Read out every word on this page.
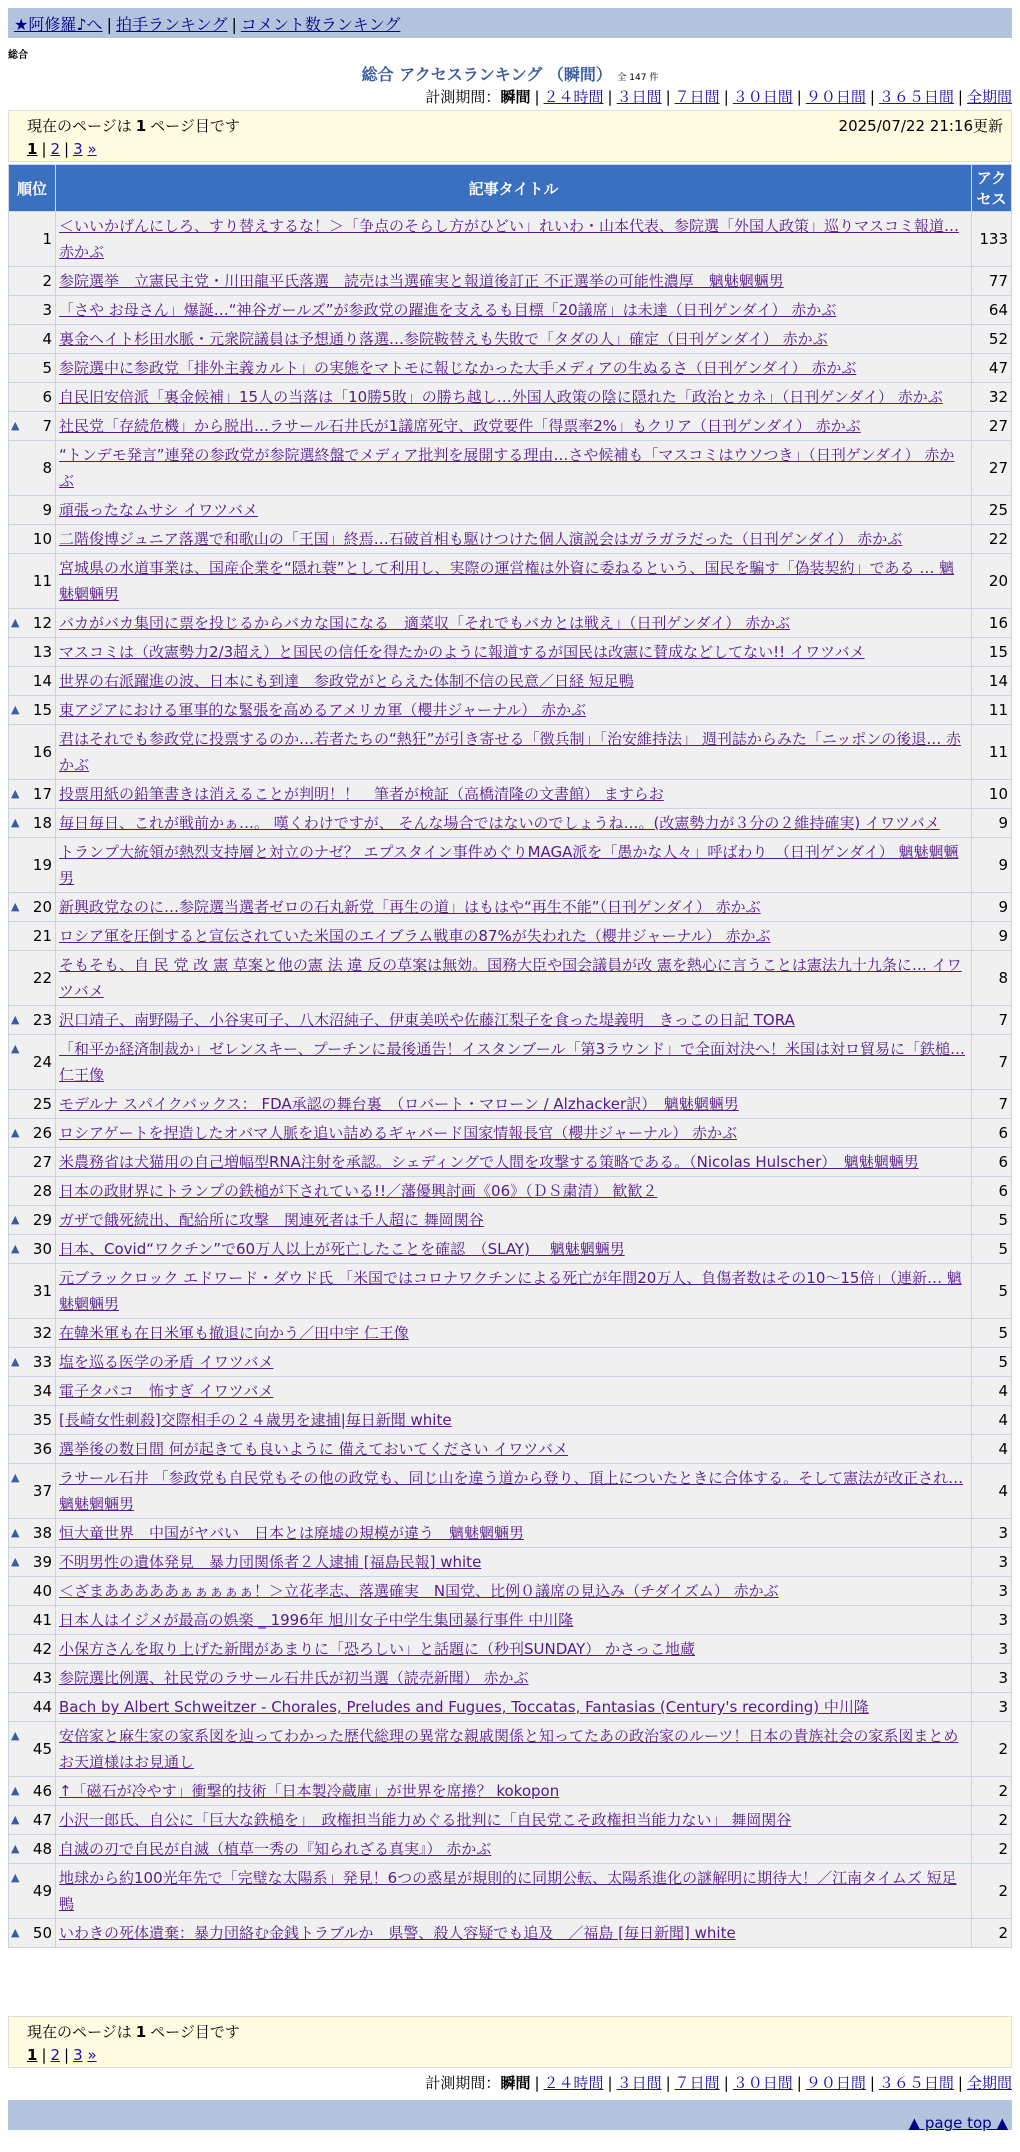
★阿修羅♪へ | 拍手ランキング | コメント数ランキング
総合
総合 アクセスランキング （瞬間） 全 147 件
計測期間：瞬間 | ２４時間 | ３日間 | ７日間 | ３０日間 | ９０日間 | ３６５日間 | 全期間
現在のページは 1 ページ目です	2025/07/22 21:16更新
1 | 2 | 3 »
順位	記事タイトル	アクセス
1	＜いいかげんにしろ、すり替えするな！＞「争点のそらし方がひどい」れいわ・山本代表、参院選「外国人政策」巡りマスコミ報道… 赤かぶ	133
2	参院選挙　立憲民主党・川田龍平氏落選　読売は当選確実と報道後訂正 不正選挙の可能性濃厚　魑魅魍魎男	77
3	「さや お母さん」爆誕…“神谷ガールズ”が参政党の躍進を支えるも目標「20議席」は未達（日刊ゲンダイ） 赤かぶ	64
4	裏金ヘイト杉田水脈・元衆院議員は予想通り落選…参院鞍替えも失敗で「タダの人」確定（日刊ゲンダイ） 赤かぶ	52
5	参院選中に参政党「排外主義カルト」の実態をマトモに報じなかった大手メディアの生ぬるさ（日刊ゲンダイ） 赤かぶ	47
6	自民旧安倍派「裏金候補」15人の当落は「10勝5敗」の勝ち越し…外国人政策の陰に隠れた「政治とカネ」（日刊ゲンダイ） 赤かぶ	32

▲ 7	社民党「存続危機」から脱出…ラサール石井氏が1議席死守、政党要件「得票率2%」もクリア（日刊ゲンダイ） 赤かぶ	27
8	“トンデモ発言”連発の参政党が参院選終盤でメディア批判を展開する理由…さや候補も「マスコミはウソつき」（日刊ゲンダイ） 赤かぶ	27
9	頑張ったなムサシ イワツバメ	25
10	二階俊博ジュニア落選で和歌山の「王国」終焉…石破首相も駆けつけた個人演説会はガラガラだった（日刊ゲンダイ） 赤かぶ	22
11	宮城県の水道事業は、国産企業を“隠れ蓑”として利用し、実際の運営権は外資に委ねるという、国民を騙す「偽装契約」である … 魑魅魍魎男	20

▲ 12	バカがバカ集団に票を投じるからバカな国になる　適菜収「それでもバカとは戦え」（日刊ゲンダイ） 赤かぶ	16
13	マスコミは（改憲勢力2/3超え）と国民の信任を得たかのように報道するが国民は改憲に賛成などしてない!! イワツバメ	15
14	世界の右派躍進の波、日本にも到達　参政党がとらえた体制不信の民意／日経 短足鴨	14

▲ 15	東アジアにおける軍事的な緊張を高めるアメリカ軍（櫻井ジャーナル） 赤かぶ	11
16	君はそれでも参政党に投票するのか…若者たちの“熱狂”が引き寄せる「徴兵制」「治安維持法」 週刊誌からみた「ニッポンの後退… 赤かぶ	11

▲ 17	投票用紙の鉛筆書きは消えることが判明！！　筆者が検証（高橋清隆の文書館） ますらお	10

▲ 18	毎日毎日、これが戦前かぁ…。 嘆くわけですが、 そんな場合ではないのでしょうね…。(改憲勢力が３分の２維持確実) イワツバメ	9
19	トランプ大統領が熱烈支持層と対立のナゼ？ エプスタイン事件めぐりMAGA派を「愚かな人々」呼ばわり　（日刊ゲンダイ） 魑魅魍魎男	9

▲ 20	新興政党なのに…参院選当選者ゼロの石丸新党「再生の道」はもはや“再生不能”（日刊ゲンダイ） 赤かぶ	9
21	ロシア軍を圧倒すると宣伝されていた米国のエイブラム戦車の87%が失われた（櫻井ジャーナル） 赤かぶ	9
22	そもそも、自 民 党 改 憲 草案と他の憲 法 違 反の草案は無効。国務大臣や国会議員が改 憲を熱心に言うことは憲法九十九条に… イワツバメ	8

▲ 23	沢口靖子、南野陽子、小谷実可子、八木沼純子、伊東美咲や佐藤江梨子を食った堤義明　きっこの日記 TORA	7

▲
24	「和平か経済制裁か」ゼレンスキー、プーチンに最後通告！イスタンブール「第3ラウンド」で全面対決へ！米国は対ロ貿易に「鉄槌… 仁王像	7
25	モデルナ スパイクバックス： FDA承認の舞台裏　（ロバート・マローン / Alzhacker訳）　魑魅魍魎男	7

▲ 26	ロシアゲートを捏造したオバマ人脈を追い詰めるギャバード国家情報長官（櫻井ジャーナル） 赤かぶ	6
27	米農務省は犬猫用の自己増幅型RNA注射を承認。シェディングで人間を攻撃する策略である。（Nicolas Hulscher）　魑魅魍魎男	6
28	日本の政財界にトランプの鉄槌が下されている!!／藩優興討画《06》（ＤＳ粛清） 歓歓２	6

▲ 29	ガザで餓死続出、配給所に攻撃　関連死者は千人超に 舞岡関谷	5

▲ 30	日本、Covid“ワクチン”で60万人以上が死亡したことを確認　（SLAY)　 魑魅魍魎男	5
31	元ブラックロック エドワード・ダウド氏 「米国ではコロナワクチンによる死亡が年間20万人、負傷者数はその10～15倍」（連新… 魑魅魍魎男	5
32	在韓米軍も在日米軍も撤退に向かう／田中宇 仁王像	5

▲ 33	塩を巡る医学の矛盾 イワツバメ	5
34	電子タバコ　怖すぎ イワツバメ	4
35	[長崎女性刺殺]交際相手の２４歳男を逮捕|毎日新聞 white	4
36	選挙後の数日間 何が起きても良いように 備えておいてください イワツバメ	4

▲
37	ラサール石井 「参政党も自民党もその他の政党も、同じ山を違う道から登り、頂上についたときに合体する。そして憲法が改正され… 魑魅魍魎男	4

▲ 38	恒大童世界　中国がヤバい　日本とは廃墟の規模が違う　魑魅魍魎男	3

▲ 39	不明男性の遺体発見　暴力団関係者２人逮捕 [福島民報] white	3
40	＜ざまあああああぁぁぁぁぁ！＞立花孝志、落選確実　N国党、比例０議席の見込み（チダイズム） 赤かぶ	3
41	日本人はイジメが最高の娯楽 _ 1996年 旭川女子中学生集団暴行事件 中川隆	3
42	小保方さんを取り上げた新聞があまりに「恐ろしい」と話題に（秒刊SUNDAY） かさっこ地蔵	3
43	参院選比例選、社民党のラサール石井氏が初当選（読売新聞） 赤かぶ	3
44	Bach by Albert Schweitzer - Chorales, Preludes and Fugues, Toccatas, Fantasias (Century's recording) 中川隆	3

▲
45	安倍家と麻生家の家系図を辿ってわかった歴代総理の異常な親戚関係と知ってたあの政治家のルーツ！日本の貴族社会の家系図まとめ お天道様はお見通し	2

▲ 46	↑「磁石が冷やす」衝撃的技術「日本製冷蔵庫」が世界を席捲？ kokopon	2

▲ 47	小沢一郎氏、自公に「巨大な鉄槌を」　政権担当能力めぐる批判に「自民党こそ政権担当能力ない」 舞岡関谷	2

▲ 48	自滅の刃で自民が自滅（植草一秀の『知られざる真実』） 赤かぶ	2

▲
49	地球から約100光年先で「完璧な太陽系」発見！6つの惑星が規則的に同期公転、太陽系進化の謎解明に期待大！／江南タイムズ 短足鴨	2

▲ 50	いわきの死体遺棄：暴力団絡む金銭トラブルか　県警、殺人容疑でも追及　／福島 [毎日新聞] white	2
現在のページは 1 ページ目です
1 | 2 | 3 »
計測期間：瞬間 | ２４時間 | ３日間 | ７日間 | ３０日間 | ９０日間 | ３６５日間 | 全期間
▲ page top ▲
